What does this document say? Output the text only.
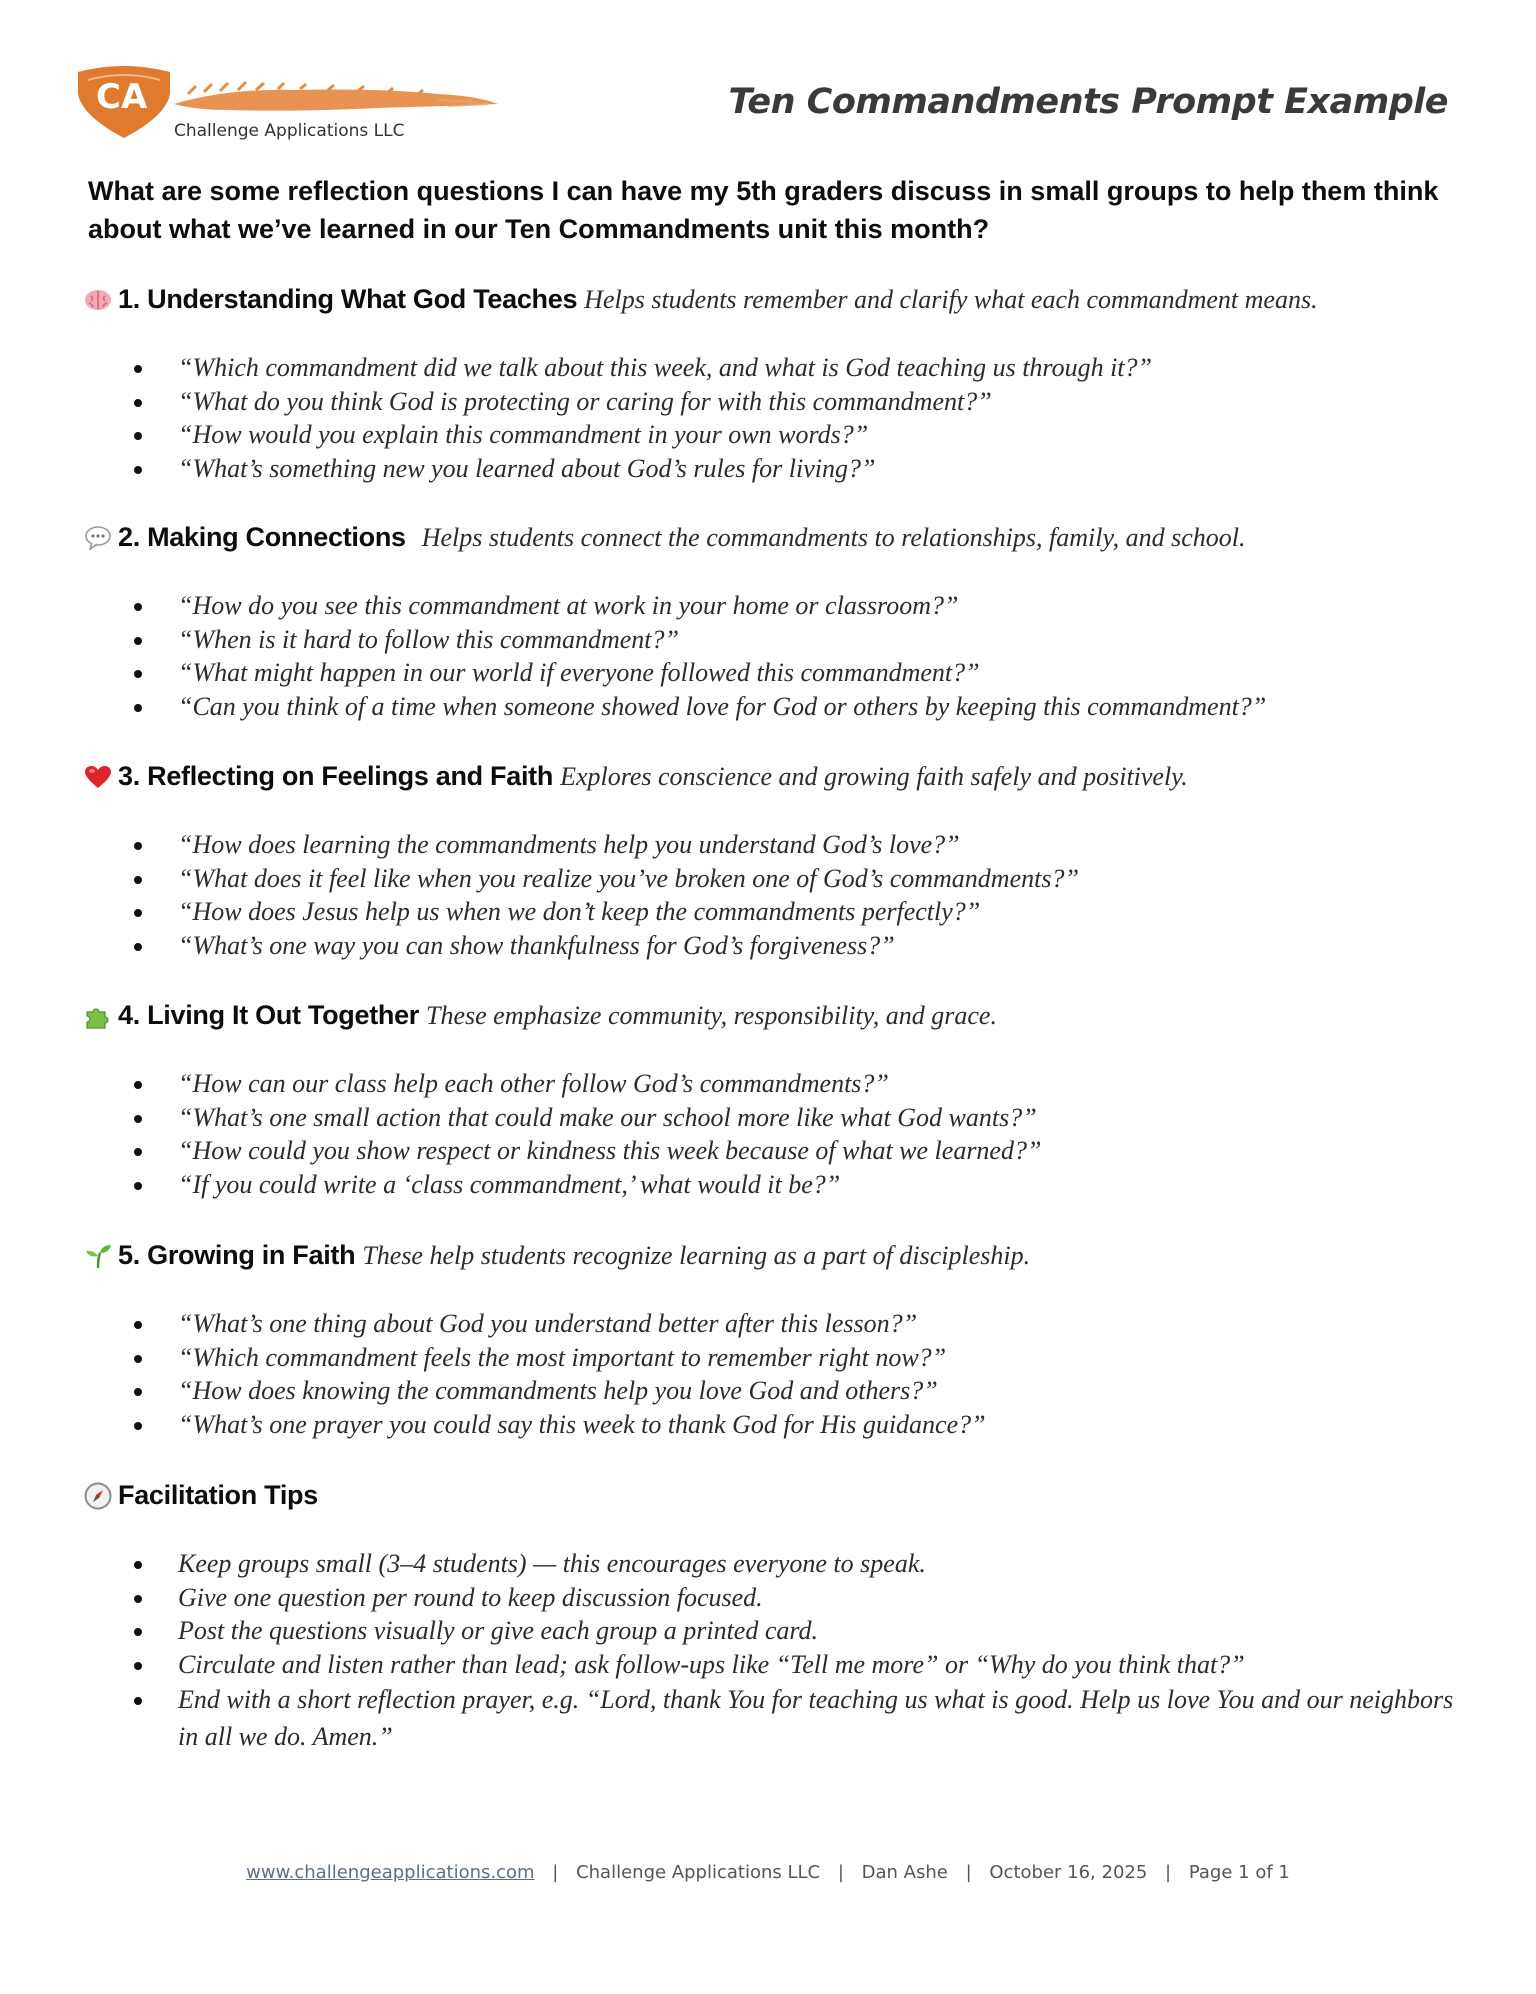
CA
Challenge Applications LLC
Ten Commandments Prompt Example

What are some reflection questions I can have my 5th graders discuss in small groups to help them think about what we’ve learned in our Ten Commandments unit this month?

1. Understanding What God Teaches Helps students remember and clarify what each commandment means.
“Which commandment did we talk about this week, and what is God teaching us through it?”
“What do you think God is protecting or caring for with this commandment?”
“How would you explain this commandment in your own words?”
“What’s something new you learned about God’s rules for living?”
2. Making Connections Helps students connect the commandments to relationships, family, and school.
“How do you see this commandment at work in your home or classroom?”
“When is it hard to follow this commandment?”
“What might happen in our world if everyone followed this commandment?”
“Can you think of a time when someone showed love for God or others by keeping this commandment?”
3. Reflecting on Feelings and Faith Explores conscience and growing faith safely and positively.
“How does learning the commandments help you understand God’s love?”
“What does it feel like when you realize you’ve broken one of God’s commandments?”
“How does Jesus help us when we don’t keep the commandments perfectly?”
“What’s one way you can show thankfulness for God’s forgiveness?”
4. Living It Out Together These emphasize community, responsibility, and grace.
“How can our class help each other follow God’s commandments?”
“What’s one small action that could make our school more like what God wants?”
“How could you show respect or kindness this week because of what we learned?”
“If you could write a ‘class commandment,’ what would it be?”
5. Growing in Faith These help students recognize learning as a part of discipleship.
“What’s one thing about God you understand better after this lesson?”
“Which commandment feels the most important to remember right now?”
“How does knowing the commandments help you love God and others?”
“What’s one prayer you could say this week to thank God for His guidance?”
Facilitation Tips
Keep groups small (3–4 students) — this encourages everyone to speak.
Give one question per round to keep discussion focused.
Post the questions visually or give each group a printed card.
Circulate and listen rather than lead; ask follow-ups like “Tell me more” or “Why do you think that?”
End with a short reflection prayer, e.g. “Lord, thank You for teaching us what is good. Help us love You and our neighbors in all we do. Amen.”
www.challengeapplications.com | Challenge Applications LLC | Dan Ashe | October 16, 2025 | Page 1 of 1
